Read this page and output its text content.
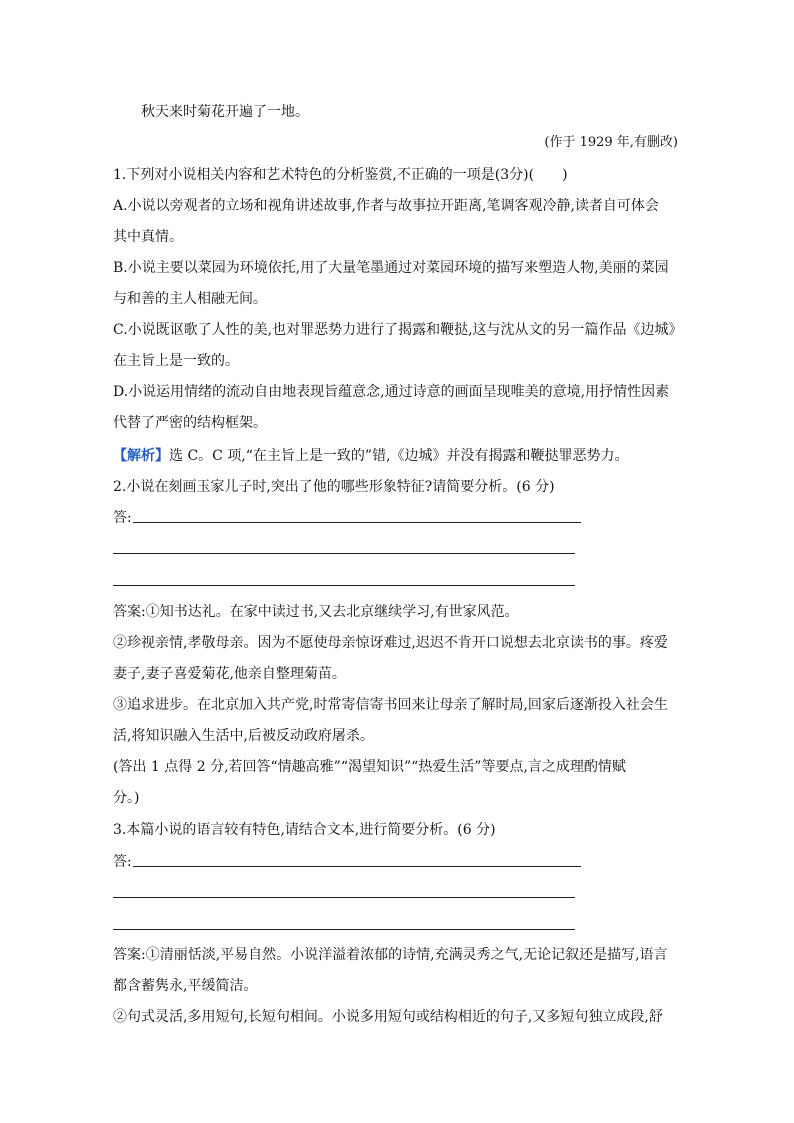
秋天来时菊花开遍了一地。
(作于 1929 年,有删改)
1.下列对小说相关内容和艺术特色的分析鉴赏,不正确的一项是(3分)(　　)
A.小说以旁观者的立场和视角讲述故事,作者与故事拉开距离,笔调客观冷静,读者自可体会
其中真情。
B.小说主要以菜园为环境依托,用了大量笔墨通过对菜园环境的描写来塑造人物,美丽的菜园
与和善的主人相融无间。
C.小说既讴歌了人性的美,也对罪恶势力进行了揭露和鞭挞,这与沈从文的另一篇作品《边城》
在主旨上是一致的。
D.小说运用情绪的流动自由地表现旨蕴意念,通过诗意的画面呈现唯美的意境,用抒情性因素
代替了严密的结构框架。
【解析】选 C。C 项,“在主旨上是一致的”错,《边城》并没有揭露和鞭挞罪恶势力。
2.小说在刻画玉家儿子时,突出了他的哪些形象特征?请简要分析。(6 分)
答:
答案:①知书达礼。在家中读过书,又去北京继续学习,有世家风范。
②珍视亲情,孝敬母亲。因为不愿使母亲惊讶难过,迟迟不肯开口说想去北京读书的事。疼爱
妻子,妻子喜爱菊花,他亲自整理菊苗。
③追求进步。在北京加入共产党,时常寄信寄书回来让母亲了解时局,回家后逐渐投入社会生
活,将知识融入生活中,后被反动政府屠杀。
(答出 1 点得 2 分,若回答“情趣高雅”“渴望知识”“热爱生活”等要点,言之成理酌情赋
分。)
3.本篇小说的语言较有特色,请结合文本,进行简要分析。(6 分)
答:
答案:①清丽恬淡,平易自然。小说洋溢着浓郁的诗情,充满灵秀之气,无论记叙还是描写,语言
都含蓄隽永,平缓简洁。
②句式灵活,多用短句,长短句相间。小说多用短句或结构相近的句子,又多短句独立成段,舒
